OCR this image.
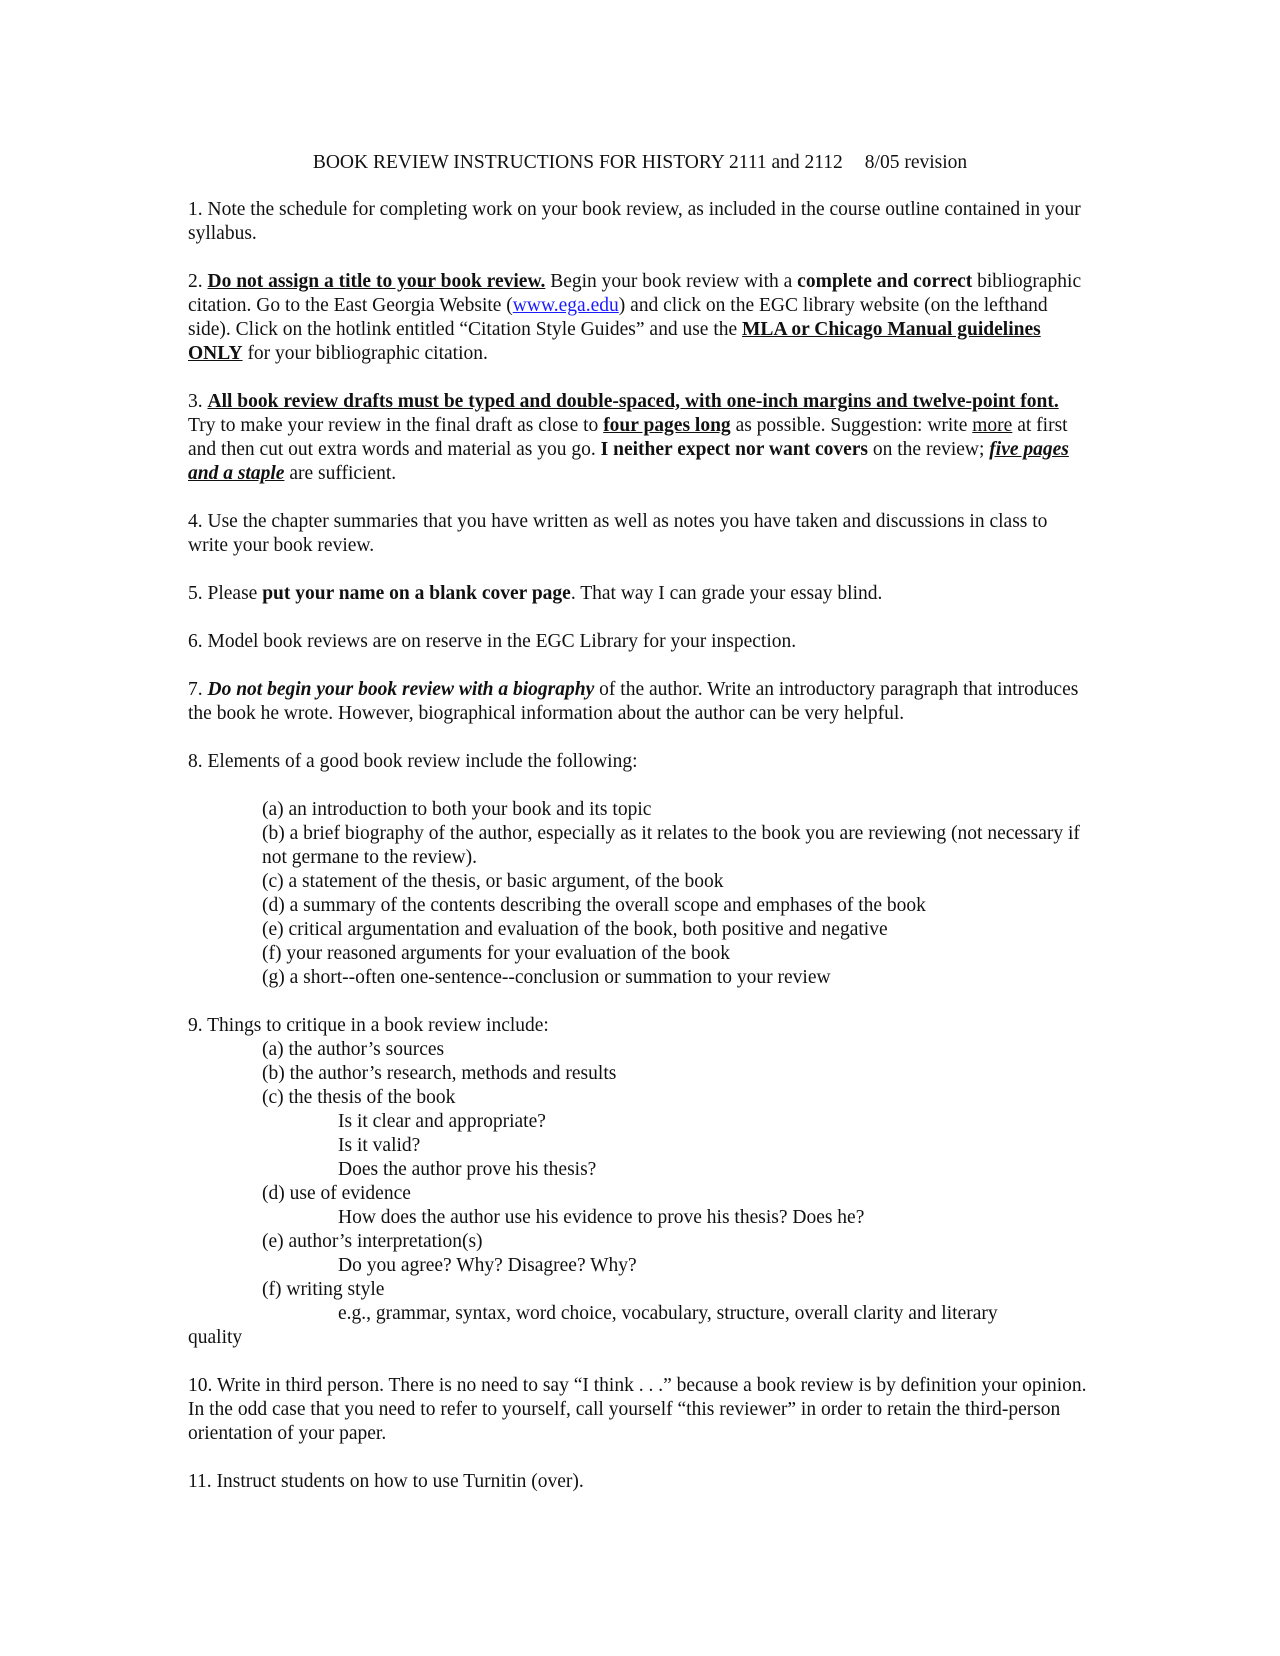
BOOK REVIEW INSTRUCTIONS FOR HISTORY 2111 and 2112 8/05 revision

1. Note the schedule for completing work on your book review, as included in the course outline contained in your syllabus.

2. Do not assign a title to your book review. Begin your book review with a complete and correct bibliographic citation. Go to the East Georgia Website (www.ega.edu) and click on the EGC library website (on the lefthand side). Click on the hotlink entitled “Citation Style Guides” and use the MLA or Chicago Manual guidelines ONLY for your bibliographic citation.

3. All book review drafts must be typed and double-spaced, with one-inch margins and twelve-point font. Try to make your review in the final draft as close to four pages long as possible. Suggestion: write more at first and then cut out extra words and material as you go. I neither expect nor want covers on the review; five pages and a staple are sufficient.

4. Use the chapter summaries that you have written as well as notes you have taken and discussions in class to write your book review.

5. Please put your name on a blank cover page. That way I can grade your essay blind.

6. Model book reviews are on reserve in the EGC Library for your inspection.

7. Do not begin your book review with a biography of the author. Write an introductory paragraph that introduces the book he wrote. However, biographical information about the author can be very helpful.

8. Elements of a good book review include the following:

(a) an introduction to both your book and its topic
(b) a brief biography of the author, especially as it relates to the book you are reviewing (not necessary if not germane to the review).
(c) a statement of the thesis, or basic argument, of the book
(d) a summary of the contents describing the overall scope and emphases of the book
(e) critical argumentation and evaluation of the book, both positive and negative
(f) your reasoned arguments for your evaluation of the book
(g) a short--often one-sentence--conclusion or summation to your review
9. Things to critique in a book review include:
(a) the author’s sources
(b) the author’s research, methods and results
(c) the thesis of the book
Is it clear and appropriate?
Is it valid?
Does the author prove his thesis?
(d) use of evidence
How does the author use his evidence to prove his thesis? Does he?
(e) author’s interpretation(s)
Do you agree? Why? Disagree? Why?
(f) writing style
e.g., grammar, syntax, word choice, vocabulary, structure, overall clarity and literary
quality

10. Write in third person. There is no need to say “I think . . .” because a book review is by definition your opinion. In the odd case that you need to refer to yourself, call yourself “this reviewer” in order to retain the third-person orientation of your paper.

11. Instruct students on how to use Turnitin (over).
